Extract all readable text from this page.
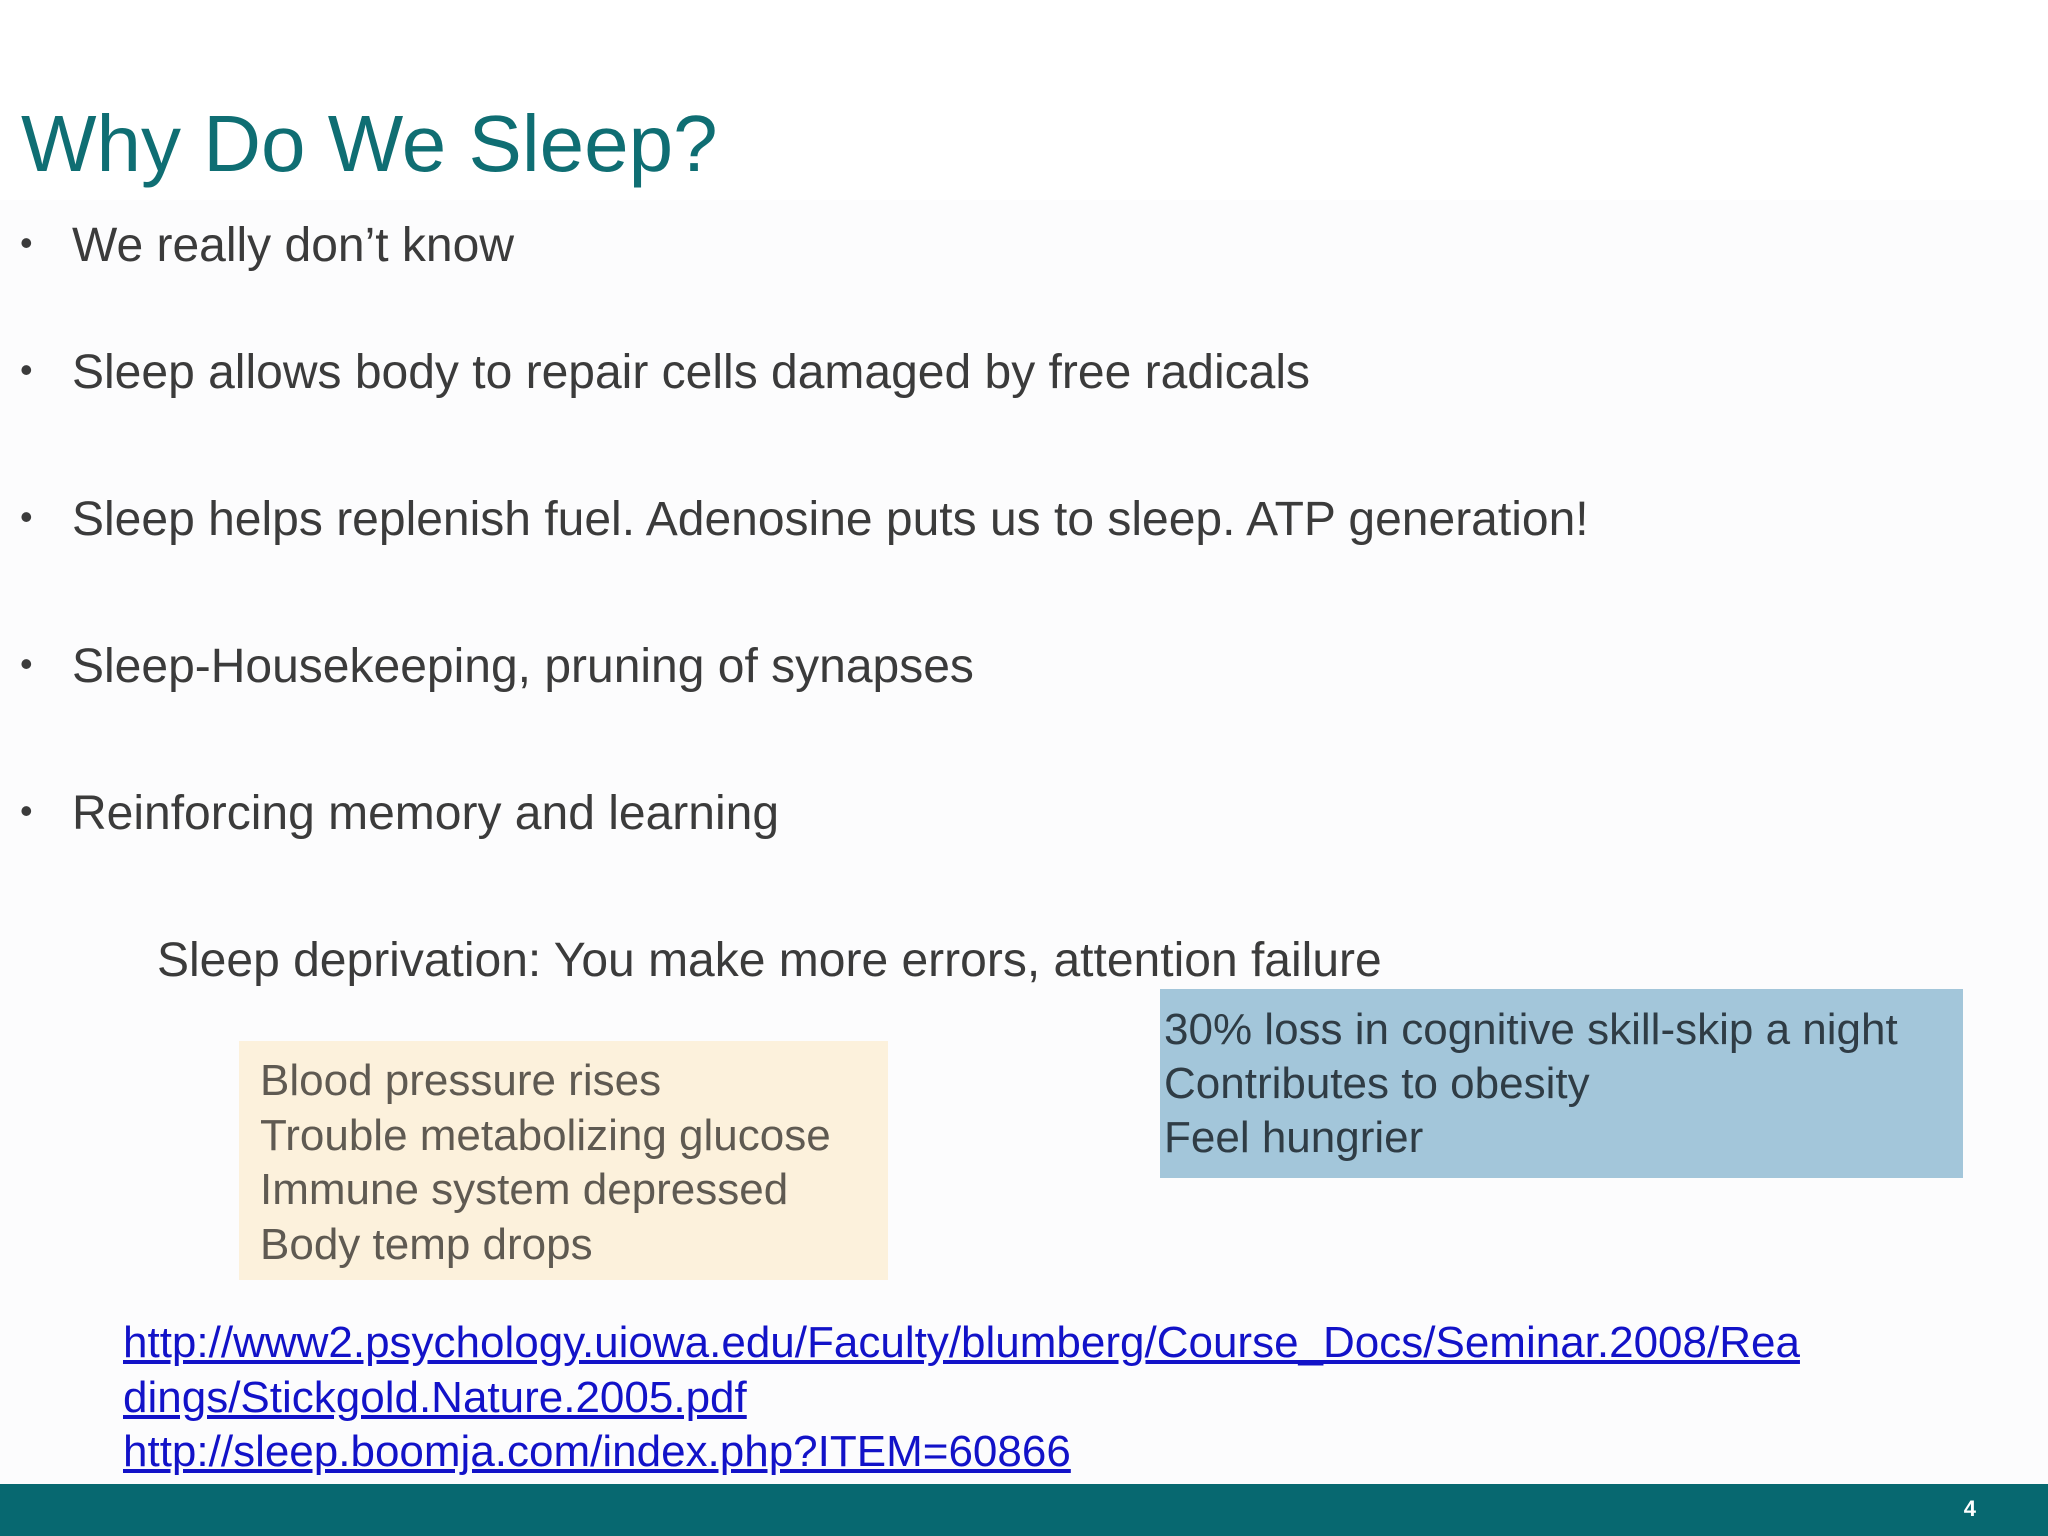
Why Do We Sleep?
• We really don’t know
• Sleep allows body to repair cells damaged by free radicals
• Sleep helps replenish fuel. Adenosine puts us to sleep. ATP generation!
• Sleep-Housekeeping, pruning of synapses
• Reinforcing memory and learning
Sleep deprivation: You make more errors, attention failure
Blood pressure rises
Trouble metabolizing glucose
Immune system depressed
Body temp drops
30% loss in cognitive skill-skip a night
Contributes to obesity
Feel hungrier
http://www2.psychology.uiowa.edu/Faculty/blumberg/Course_Docs/Seminar.2008/Rea
dings/Stickgold.Nature.2005.pdf
http://sleep.boomja.com/index.php?ITEM=60866
4
